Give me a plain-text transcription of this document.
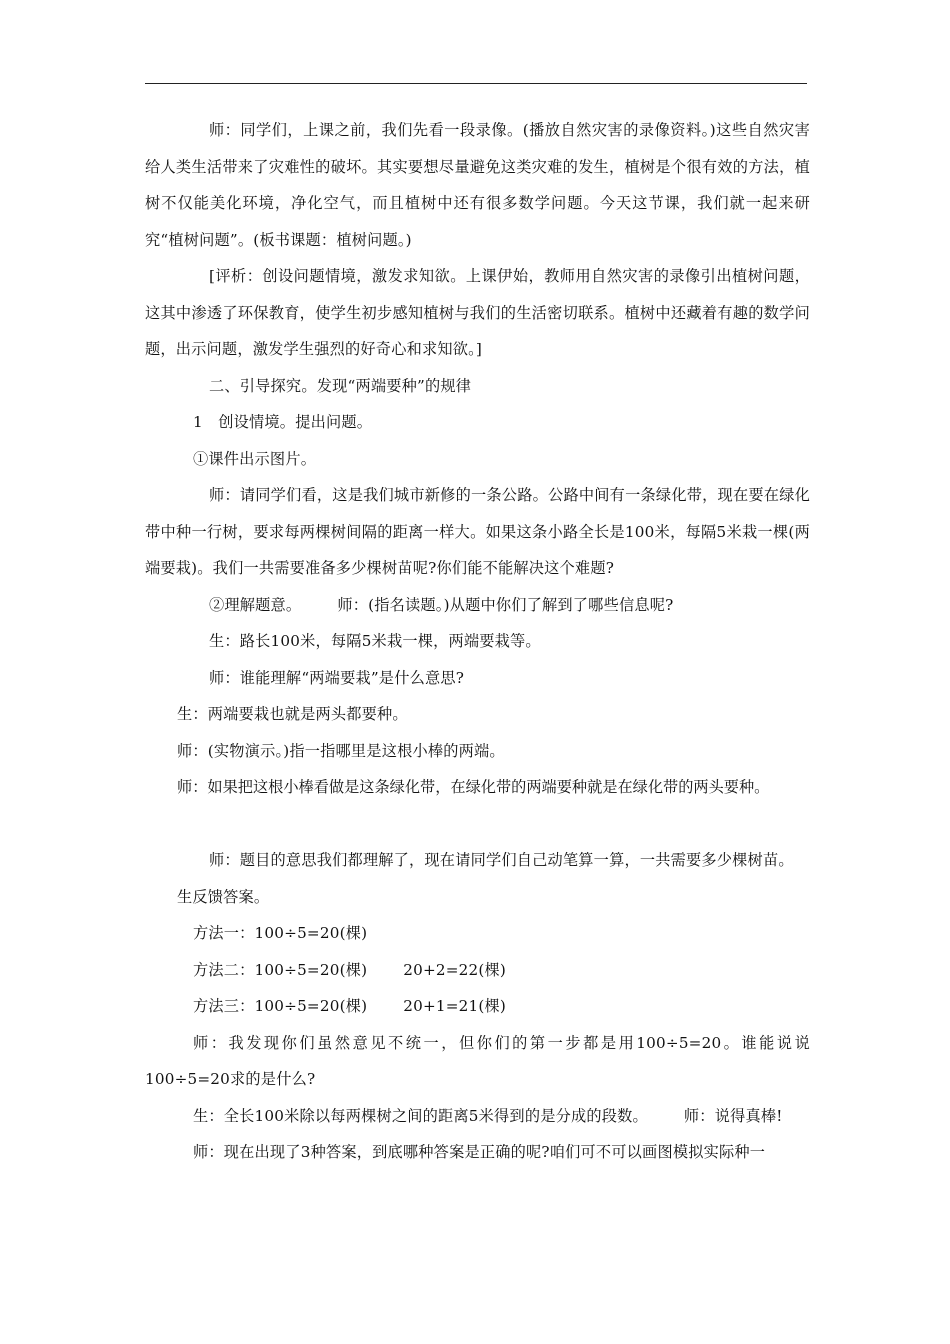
师：同学们，上课之前，我们先看一段录像。(播放自然灾害的录像资料。)这些自然灾害给人类生活带来了灾难性的破坏。其实要想尽量避免这类灾难的发生，植树是个很有效的方法，植树不仅能美化环境，净化空气，而且植树中还有很多数学问题。今天这节课，我们就一起来研究“植树问题”。(板书课题：植树问题。)

[评析：创设问题情境，激发求知欲。上课伊始，教师用自然灾害的录像引出植树问题，这其中渗透了环保教育，使学生初步感知植树与我们的生活密切联系。植树中还藏着有趣的数学问题，出示问题，激发学生强烈的好奇心和求知欲。]

二、引导探究。发现“两端要种”的规律

1　创设情境。提出问题。

①课件出示图片。

师：请同学们看，这是我们城市新修的一条公路。公路中间有一条绿化带，现在要在绿化带中种一行树，要求每两棵树间隔的距离一样大。如果这条小路全长是100米，每隔5米栽一棵(两端要栽)。我们一共需要准备多少棵树苗呢?你们能不能解决这个难题?

②理解题意。 师：(指名读题。)从题中你们了解到了哪些信息呢?

生：路长100米，每隔5米栽一棵，两端要栽等。

师：谁能理解“两端要栽”是什么意思?

生：两端要栽也就是两头都要种。

师：(实物演示。)指一指哪里是这根小棒的两端。

师：如果把这根小棒看做是这条绿化带，在绿化带的两端要种就是在绿化带的两头要种。

师：题目的意思我们都理解了，现在请同学们自己动笔算一算，一共需要多少棵树苗。

生反馈答案。

方法一：100÷5=20(棵)

方法二：100÷5=20(棵) 20+2=22(棵)

方法三：100÷5=20(棵) 20+1=21(棵)

师：我发现你们虽然意见不统一，但你们的第一步都是用100÷5=20。谁能说说100÷5=20求的是什么?

生：全长100米除以每两棵树之间的距离5米得到的是分成的段数。 师：说得真棒!

师：现在出现了3种答案，到底哪种答案是正确的呢?咱们可不可以画图模拟实际种一
